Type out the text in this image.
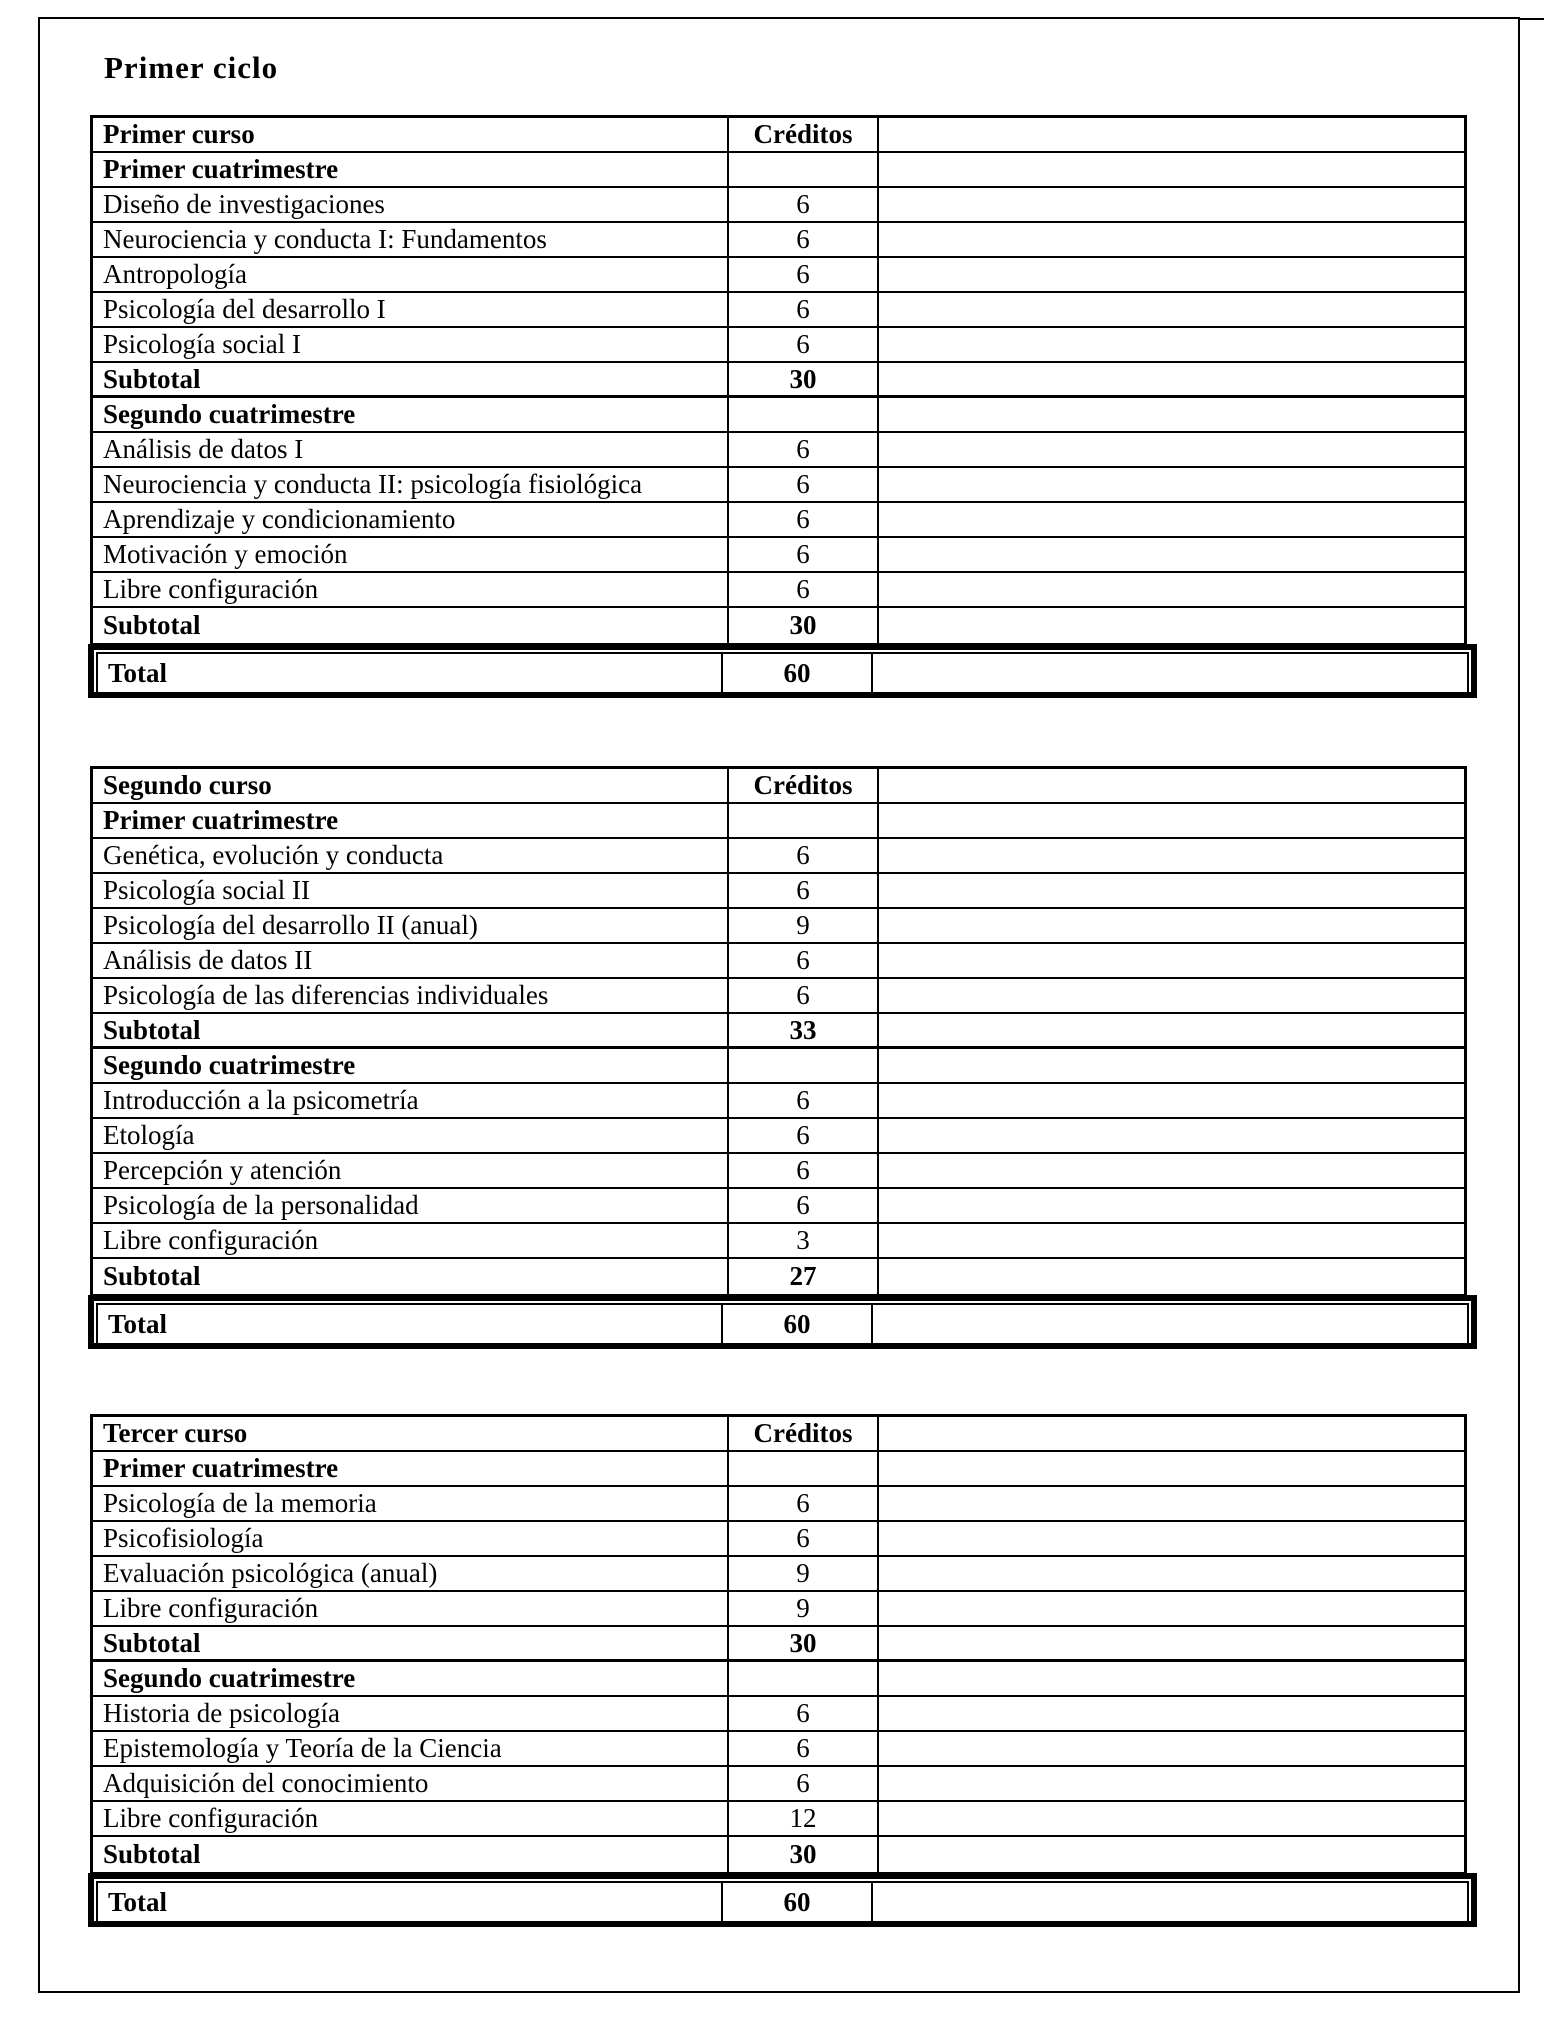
Primer ciclo
Primer curso	Créditos
Primer cuatrimestre
Diseño de investigaciones	6
Neurociencia y conducta I: Fundamentos	6
Antropología	6
Psicología del desarrollo I	6
Psicología social I	6
Subtotal	30
Segundo cuatrimestre
Análisis de datos I	6
Neurociencia y conducta II: psicología fisiológica	6
Aprendizaje y condicionamiento	6
Motivación y emoción	6
Libre configuración	6
Subtotal	30
Total	60
Segundo curso	Créditos
Primer cuatrimestre
Genética, evolución y conducta	6
Psicología social II	6
Psicología del desarrollo II (anual)	9
Análisis de datos II	6
Psicología de las diferencias individuales	6
Subtotal	33
Segundo cuatrimestre
Introducción a la psicometría	6
Etología	6
Percepción y atención	6
Psicología de la personalidad	6
Libre configuración	3
Subtotal	27
Total	60
Tercer curso	Créditos
Primer cuatrimestre
Psicología de la memoria	6
Psicofisiología	6
Evaluación psicológica (anual)	9
Libre configuración	9
Subtotal	30
Segundo cuatrimestre
Historia de psicología	6
Epistemología y Teoría de la Ciencia	6
Adquisición del conocimiento	6
Libre configuración	12
Subtotal	30
Total	60
